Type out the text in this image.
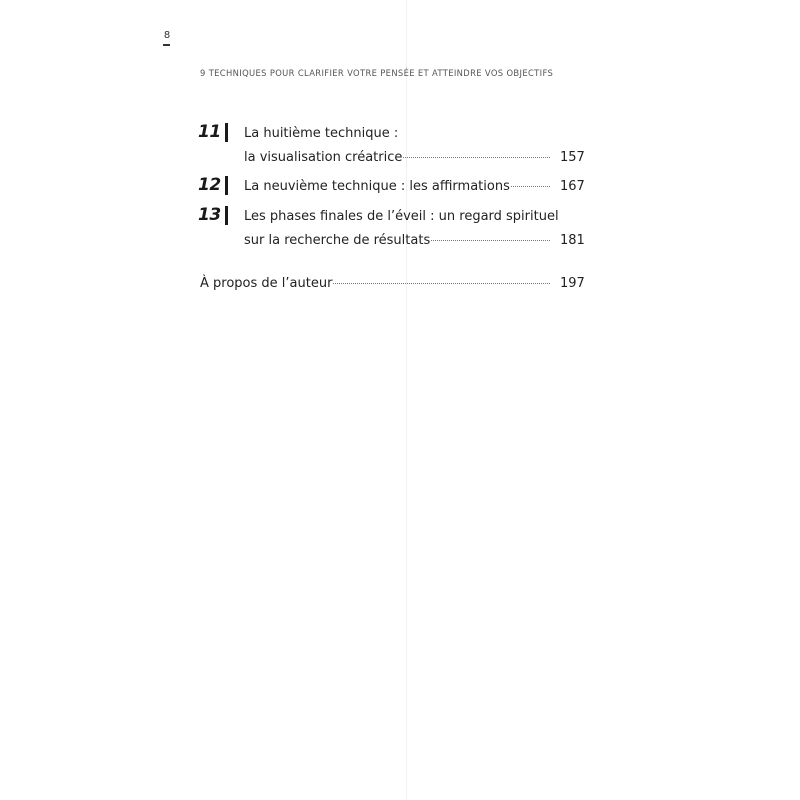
8
9 TECHNIQUES POUR CLARIFIER VOTRE PENSÉE ET ATTEINDRE VOS OBJECTIFS
11	La huitième technique :
la visualisation créatrice	157
12	La neuvième technique : les affirmations	167
13	Les phases finales de l’éveil : un regard spirituel
sur la recherche de résultats	181
À propos de l’auteur	197
